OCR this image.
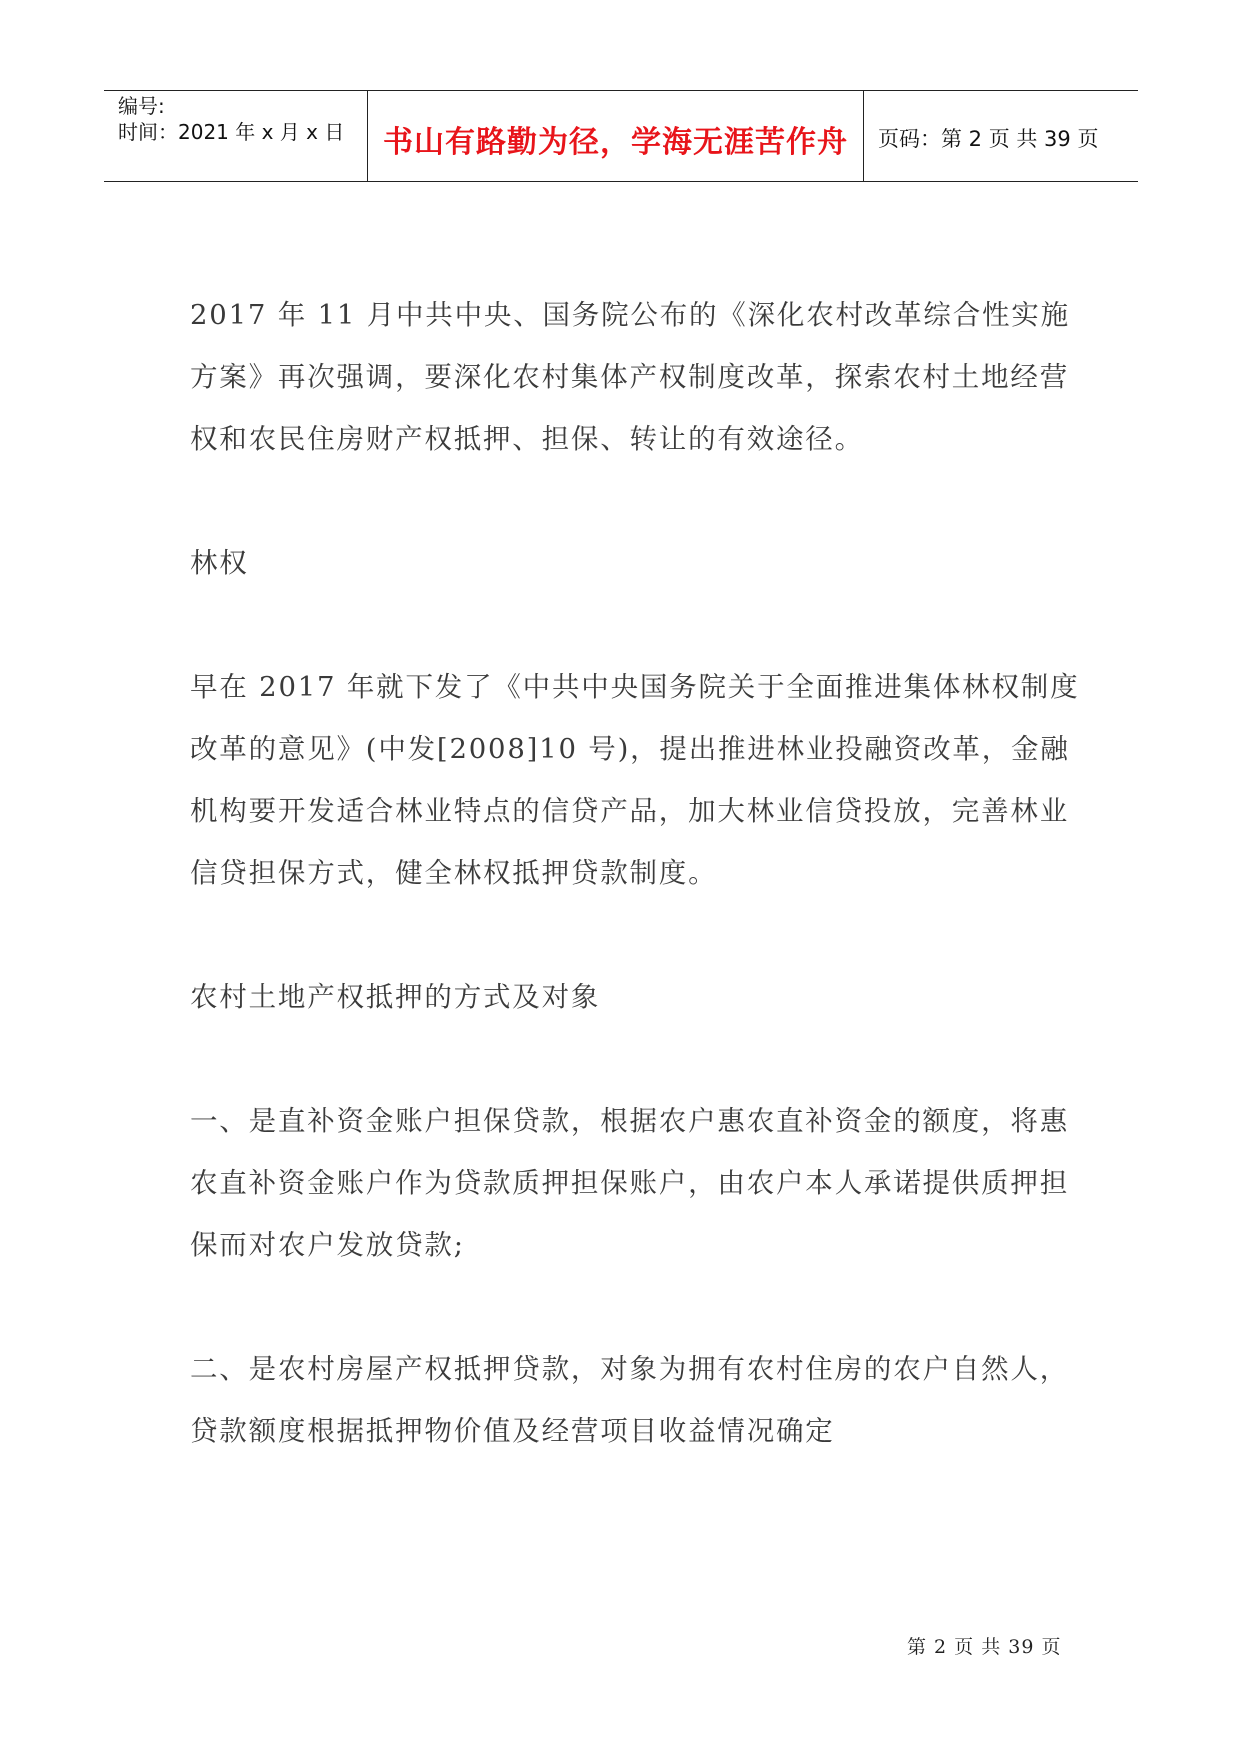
编号:
时间：2021 年 x 月 x 日	书山有路勤为径，学海无涯苦作舟	页码：第 2 页 共 39 页

2017 年 11 月中共中央、国务院公布的《深化农村改革综合性实施方案》再次强调，要深化农村集体产权制度改革，探索农村土地经营权和农民住房财产权抵押、担保、转让的有效途径。

林权

早在 2017 年就下发了《中共中央国务院关于全面推进集体林权制度改革的意见》(中发[2008]10 号)，提出推进林业投融资改革，金融机构要开发适合林业特点的信贷产品，加大林业信贷投放，完善林业信贷担保方式，健全林权抵押贷款制度。

农村土地产权抵押的方式及对象

一、是直补资金账户担保贷款，根据农户惠农直补资金的额度，将惠农直补资金账户作为贷款质押担保账户，由农户本人承诺提供质押担保而对农户发放贷款;

二、是农村房屋产权抵押贷款，对象为拥有农村住房的农户自然人，贷款额度根据抵押物价值及经营项目收益情况确定

第 2 页 共 39 页
